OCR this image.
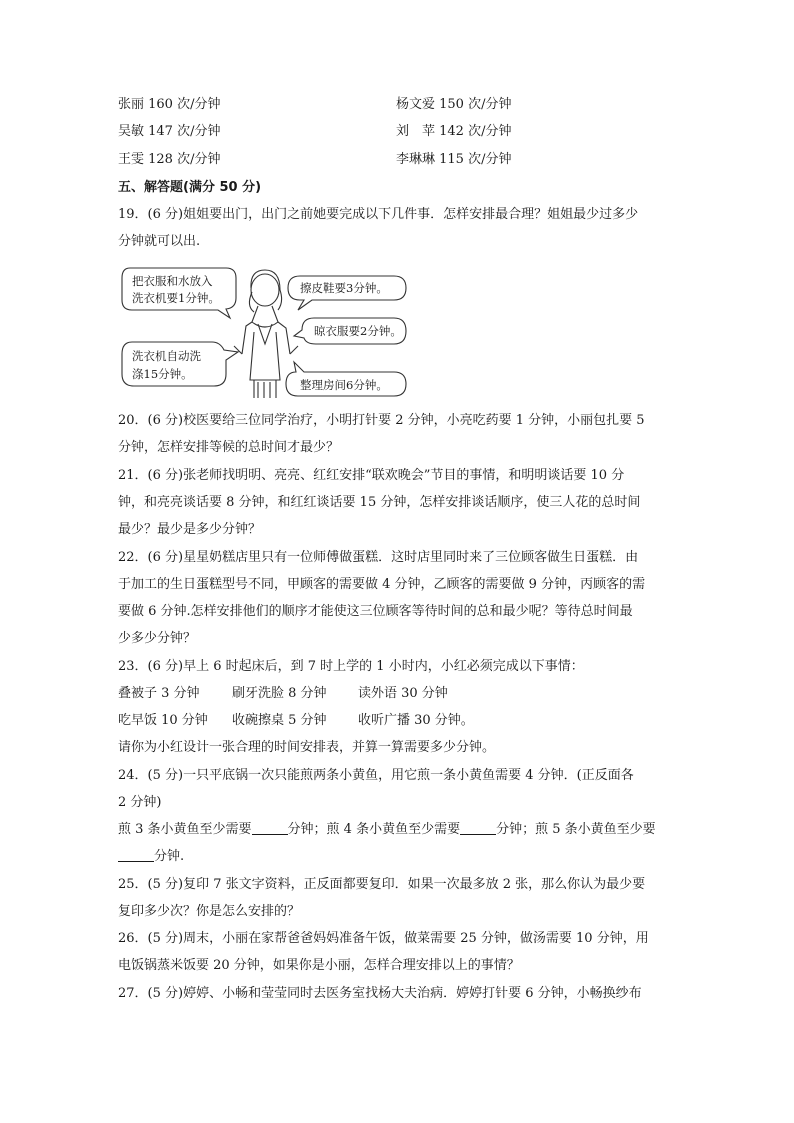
张丽 160 次/分钟	杨文爱 150 次/分钟
吴敏 147 次/分钟	刘　苹 142 次/分钟
王雯 128 次/分钟	李琳琳 115 次/分钟
五、解答题(满分 50 分)
19．(6 分)姐姐要出门，出门之前她要完成以下几件事．怎样安排最合理？姐姐最少过多少
分钟就可以出.
把衣服和水放入
洗衣机要1分钟。
洗衣机自动洗
涤15分钟。
擦皮鞋要3分钟。
晾衣服要2分钟。
整理房间6分钟。
20．(6 分)校医要给三位同学治疗，小明打针要 2 分钟，小亮吃药要 1 分钟，小丽包扎要 5
分钟，怎样安排等候的总时间才最少？
21．(6 分)张老师找明明、亮亮、红红安排“联欢晚会”节目的事情，和明明谈话要 10 分
钟，和亮亮谈话要 8 分钟，和红红谈话要 15 分钟，怎样安排谈话顺序，使三人花的总时间
最少？最少是多少分钟？
22．(6 分)星星奶糕店里只有一位师傅做蛋糕．这时店里同时来了三位顾客做生日蛋糕．由
于加工的生日蛋糕型号不同，甲顾客的需要做 4 分钟，乙顾客的需要做 9 分钟，丙顾客的需
要做 6 分钟.怎样安排他们的顺序才能使这三位顾客等待时间的总和最少呢？等待总时间最
少多少分钟？
23．(6 分)早上 6 时起床后，到 7 时上学的 1 小时内，小红必须完成以下事情：
叠被子 3 分钟 刷牙洗脸 8 分钟 读外语 30 分钟
吃早饭 10 分钟 收碗擦桌 5 分钟 收听广播 30 分钟。
请你为小红设计一张合理的时间安排表，并算一算需要多少分钟。
24．(5 分)一只平底锅一次只能煎两条小黄鱼，用它煎一条小黄鱼需要 4 分钟．(正反面各
2 分钟)
煎 3 条小黄鱼至少需要	分钟；煎 4 条小黄鱼至少需要	分钟；煎 5 条小黄鱼至少要
分钟.
25．(5 分)复印 7 张文字资料，正反面都要复印．如果一次最多放 2 张，那么你认为最少要
复印多少次？你是怎么安排的？
26．(5 分)周末，小丽在家帮爸爸妈妈准备午饭，做菜需要 25 分钟，做汤需要 10 分钟，用
电饭锅蒸米饭要 20 分钟，如果你是小丽，怎样合理安排以上的事情？
27．(5 分)婷婷、小畅和莹莹同时去医务室找杨大夫治病．婷婷打针要 6 分钟，小畅换纱布
